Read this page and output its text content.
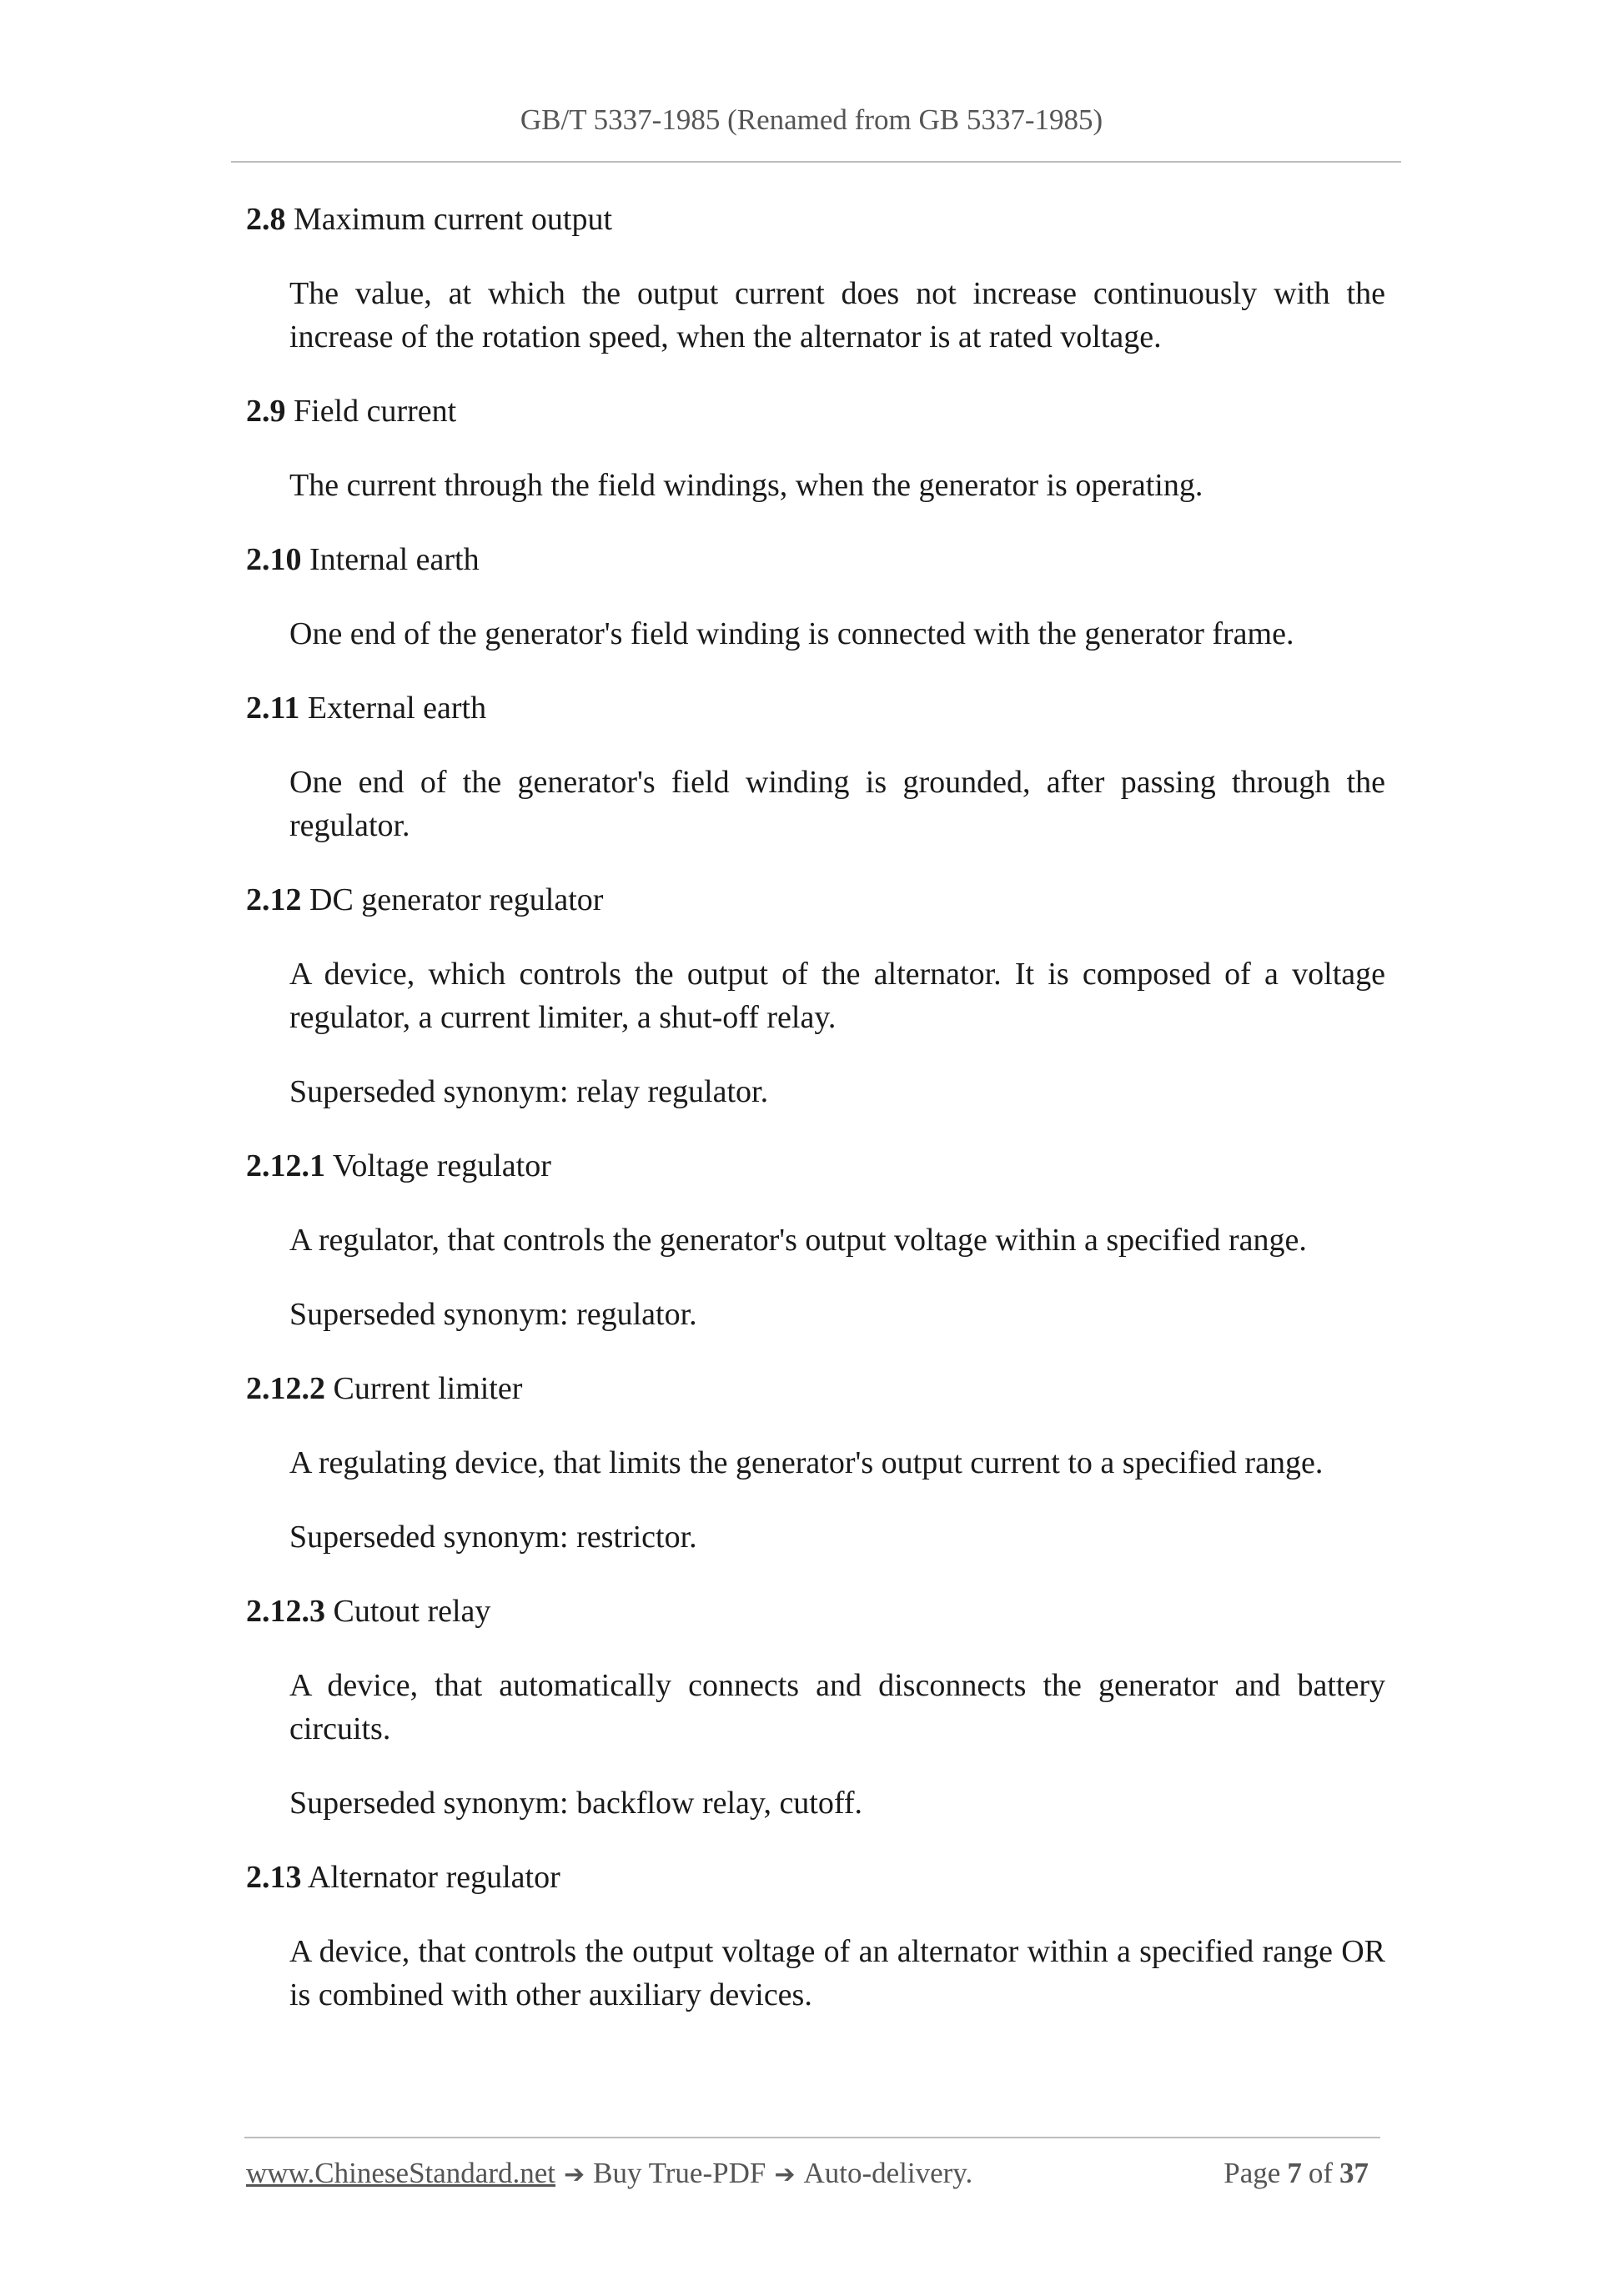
GB/T 5337-1985 (Renamed from GB 5337-1985)
2.8 Maximum current output
The value, at which the output current does not increase continuously with the increase of the rotation speed, when the alternator is at rated voltage.
2.9 Field current
The current through the field windings, when the generator is operating.
2.10 Internal earth
One end of the generator's field winding is connected with the generator frame.
2.11 External earth
One end of the generator's field winding is grounded, after passing through the regulator.
2.12 DC generator regulator
A device, which controls the output of the alternator. It is composed of a voltage regulator, a current limiter, a shut-off relay.
Superseded synonym: relay regulator.
2.12.1 Voltage regulator
A regulator, that controls the generator's output voltage within a specified range.
Superseded synonym: regulator.
2.12.2 Current limiter
A regulating device, that limits the generator's output current to a specified range.
Superseded synonym: restrictor.
2.12.3 Cutout relay
A device, that automatically connects and disconnects the generator and battery circuits.
Superseded synonym: backflow relay, cutoff.
2.13 Alternator regulator
A device, that controls the output voltage of an alternator within a specified range OR is combined with other auxiliary devices.
www.ChineseStandard.net ➔ Buy True-PDF ➔ Auto-delivery.	Page 7 of 37
